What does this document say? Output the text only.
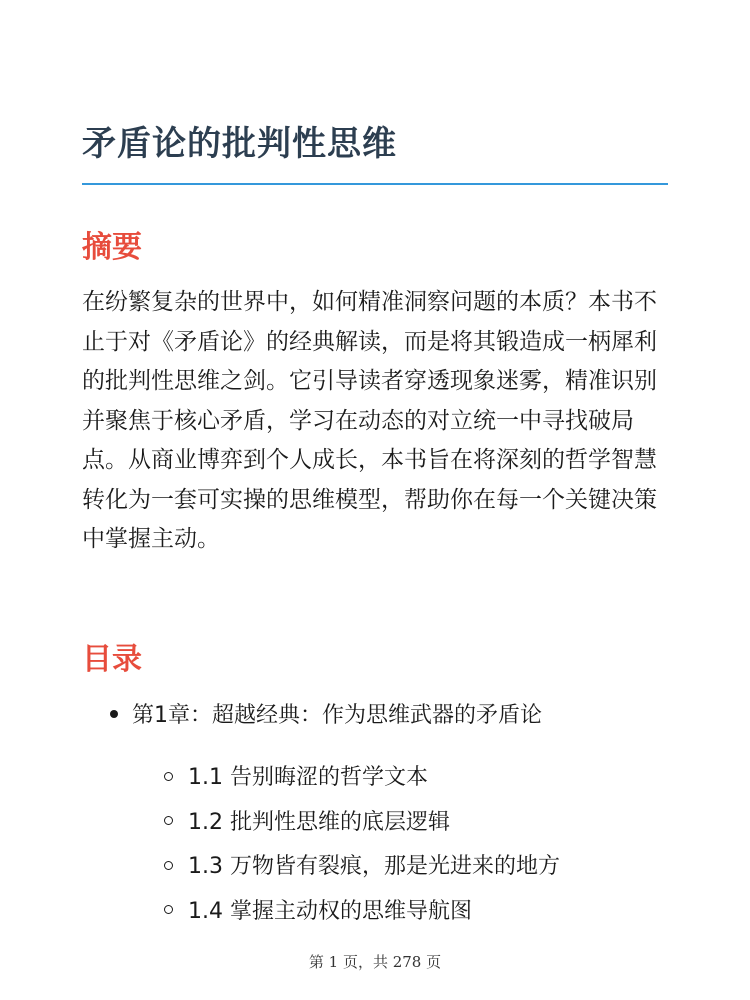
矛盾论的批判性思维
摘要

在纷繁复杂的世界中，如何精准洞察问题的本质？本书不止于对《矛盾论》的经典解读，而是将其锻造成一柄犀利的批判性思维之剑。它引导读者穿透现象迷雾，精准识别并聚焦于核心矛盾，学习在动态的对立统一中寻找破局点。从商业博弈到个人成长，本书旨在将深刻的哲学智慧转化为一套可实操的思维模型，帮助你在每一个关键决策中掌握主动。

目录
第1章：超越经典：作为思维武器的矛盾论
1.1 告别晦涩的哲学文本
1.2 批判性思维的底层逻辑
1.3 万物皆有裂痕，那是光进来的地方
1.4 掌握主动权的思维导航图
第 1 页，共 278 页
